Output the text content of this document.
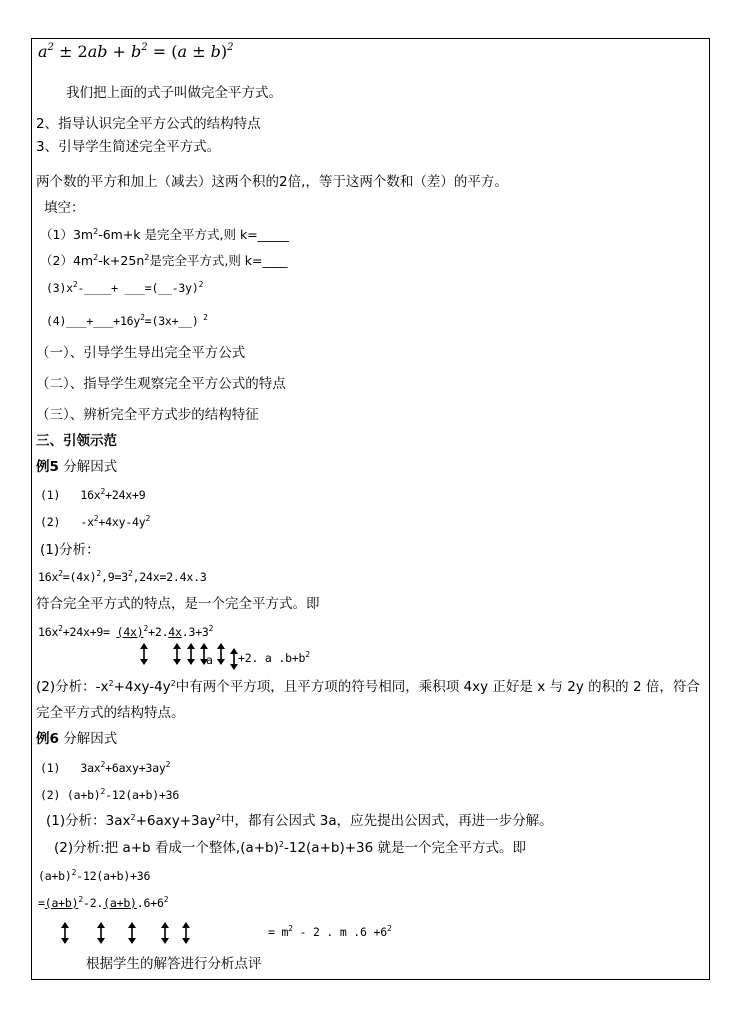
$a^2 \pm 2ab + b^2 = (a \pm b)^2$
我们把上面的式子叫做完全平方式。
2、指导认识完全平方公式的结构特点
3、引导学生简述完全平方式。
两个数的平方和加上（减去）这两个积的2倍,，等于这两个数和（差）的平方。
填空：
$(1)3m^2-6m+k$ 是完全平方式,则 k=_____
$(2)4m^2-k+25n^2$是完全平方式,则 k=____
$(3)x^2-\_\_\_\_+$ ___=(__-3y)$^2$
$(4)\_\_\_+\_\_\_+16y^2=(3x+\_\_)$ $^2$
（一）、引导学生导出完全平方公式
（二）、指导学生观察完全平方公式的特点
（三）、辨析完全平方式步的结构特征
三、引领示范
例5 分解因式
(1) $16x^2+24x+9$
(2) $-x^2+4xy-4y^2$
(1)分析：
$16x^2=(4x)^2,9=3^2,24x=2.4x.3$
符合完全平方式的特点，是一个完全平方式。即
$16x^2+24x+9= (4x)^2+2.4x.3+3^2$
a +2. a $.b+b^2$
(2)分析：$-x^2+4xy-4y^2$中有两个平方项，且平方项的符号相同，乘积项 4xy 正好是 x 与 2y 的积的 2 倍，符合
完全平方式的结构特点。
例6 分解因式
(1) $3ax^2+6axy+3ay^2$
(2) $(a+b)^2-12(a+b)+36$
(1)分析：$3ax^2+6axy+3ay^2$中，都有公因式 3a，应先提出公因式，再进一步分解。
(2)分析:把 a+b 看成一个整体$,(a+b)^2-12(a+b)+36$ 就是一个完全平方式。即
$(a+b)^2-12(a+b)+36$
$=(a+b)^2-2.(a+b).6+6^2$
= $m^2 - 2$ . m $.6 +6^2$
根据学生的解答进行分析点评
